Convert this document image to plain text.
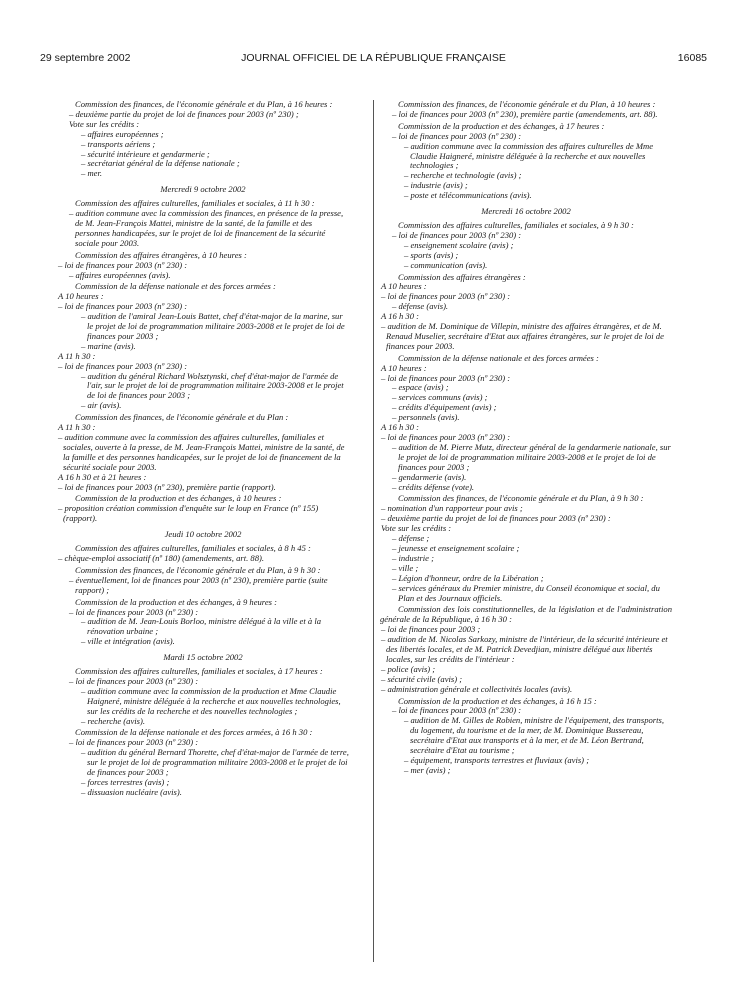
29 septembre 2002	JOURNAL OFFICIEL DE LA RÉPUBLIQUE FRANÇAISE	16085

Commission des finances, de l'économie générale et du Plan, à 16 heures :

– deuxième partie du projet de loi de finances pour 2003 (nº 230) ;

Vote sur les crédits :

– affaires européennes ;

– transports aériens ;

– sécurité intérieure et gendarmerie ;

– secrétariat général de la défense nationale ;

– mer.

Mercredi 9 octobre 2002

Commission des affaires culturelles, familiales et sociales, à 11 h 30 :

– audition commune avec la commission des finances, en présence de la presse, de M. Jean-François Mattei, ministre de la santé, de la famille et des personnes handicapées, sur le projet de loi de financement de la sécurité sociale pour 2003.

Commission des affaires étrangères, à 10 heures :

– loi de finances pour 2003 (nº 230) :

– affaires européennes (avis).

Commission de la défense nationale et des forces armées :

A 10 heures :

– loi de finances pour 2003 (nº 230) :

– audition de l'amiral Jean-Louis Battet, chef d'état-major de la marine, sur le projet de loi de programmation militaire 2003-2008 et le projet de loi de finances pour 2003 ;

– marine (avis).

A 11 h 30 :

– loi de finances pour 2003 (nº 230) :

– audition du général Richard Wolsztynski, chef d'état-major de l'armée de l'air, sur le projet de loi de programmation militaire 2003-2008 et le projet de loi de finances pour 2003 ;

– air (avis).

Commission des finances, de l'économie générale et du Plan :

A 11 h 30 :

– audition commune avec la commission des affaires culturelles, familiales et sociales, ouverte à la presse, de M. Jean-François Mattei, ministre de la santé, de la famille et des personnes handicapées, sur le projet de loi de financement de la sécurité sociale pour 2003.

A 16 h 30 et à 21 heures :

– loi de finances pour 2003 (nº 230), première partie (rapport).

Commission de la production et des échanges, à 10 heures :

– proposition création commission d'enquête sur le loup en France (nº 155) (rapport).

Jeudi 10 octobre 2002

Commission des affaires culturelles, familiales et sociales, à 8 h 45 :

– chèque-emploi associatif (nº 180) (amendements, art. 88).

Commission des finances, de l'économie générale et du Plan, à 9 h 30 :

– éventuellement, loi de finances pour 2003 (nº 230), première partie (suite rapport) ;

Commission de la production et des échanges, à 9 heures :

– loi de finances pour 2003 (nº 230) :

– audition de M. Jean-Louis Borloo, ministre délégué à la ville et à la rénovation urbaine ;

– ville et intégration (avis).

Mardi 15 octobre 2002

Commission des affaires culturelles, familiales et sociales, à 17 heures :

– loi de finances pour 2003 (nº 230) :

– audition commune avec la commission de la production et Mme Claudie Haigneré, ministre déléguée à la recherche et aux nouvelles technologies, sur les crédits de la recherche et des nouvelles technologies ;

– recherche (avis).

Commission de la défense nationale et des forces armées, à 16 h 30 :

– loi de finances pour 2003 (nº 230) :

– audition du général Bernard Thorette, chef d'état-major de l'armée de terre, sur le projet de loi de programmation militaire 2003-2008 et le projet de loi de finances pour 2003 ;

– forces terrestres (avis) ;

– dissuasion nucléaire (avis).

Commission des finances, de l'économie générale et du Plan, à 10 heures :

– loi de finances pour 2003 (nº 230), première partie (amendements, art. 88).

Commission de la production et des échanges, à 17 heures :

– loi de finances pour 2003 (nº 230) :

– audition commune avec la commission des affaires culturelles de Mme Claudie Haigneré, ministre déléguée à la recherche et aux nouvelles technologies ;

– recherche et technologie (avis) ;

– industrie (avis) ;

– poste et télécommunications (avis).

Mercredi 16 octobre 2002

Commission des affaires culturelles, familiales et sociales, à 9 h 30 :

– loi de finances pour 2003 (nº 230) :

– enseignement scolaire (avis) ;

– sports (avis) ;

– communication (avis).

Commission des affaires étrangères :

A 10 heures :

– loi de finances pour 2003 (nº 230) :

– défense (avis).

A 16 h 30 :

– audition de M. Dominique de Villepin, ministre des affaires étrangères, et de M. Renaud Muselier, secrétaire d'Etat aux affaires étrangères, sur le projet de loi de finances pour 2003.

Commission de la défense nationale et des forces armées :

A 10 heures :

– loi de finances pour 2003 (nº 230) :

– espace (avis) ;

– services communs (avis) ;

– crédits d'équipement (avis) ;

– personnels (avis).

A 16 h 30 :

– loi de finances pour 2003 (nº 230) :

– audition de M. Pierre Mutz, directeur général de la gendarmerie nationale, sur le projet de loi de programmation militaire 2003-2008 et le projet de loi de finances pour 2003 ;

– gendarmerie (avis).

– crédits défense (vote).

Commission des finances, de l'économie générale et du Plan, à 9 h 30 :

– nomination d'un rapporteur pour avis ;

– deuxième partie du projet de loi de finances pour 2003 (nº 230) :

Vote sur les crédits :

– défense ;

– jeunesse et enseignement scolaire ;

– industrie ;

– ville ;

– Légion d'honneur, ordre de la Libération ;

– services généraux du Premier ministre, du Conseil économique et social, du Plan et des Journaux officiels.

Commission des lois constitutionnelles, de la législation et de l'administration générale de la République, à 16 h 30 :

– loi de finances pour 2003 ;

– audition de M. Nicolas Sarkozy, ministre de l'intérieur, de la sécurité intérieure et des libertés locales, et de M. Patrick Devedjian, ministre délégué aux libertés locales, sur les crédits de l'intérieur :

– police (avis) ;

– sécurité civile (avis) ;

– administration générale et collectivités locales (avis).

Commission de la production et des échanges, à 16 h 15 :

– loi de finances pour 2003 (nº 230) :

– audition de M. Gilles de Robien, ministre de l'équipement, des transports, du logement, du tourisme et de la mer, de M. Dominique Bussereau, secrétaire d'Etat aux transports et à la mer, et de M. Léon Bertrand, secrétaire d'Etat au tourisme ;

– équipement, transports terrestres et fluviaux (avis) ;

– mer (avis) ;
